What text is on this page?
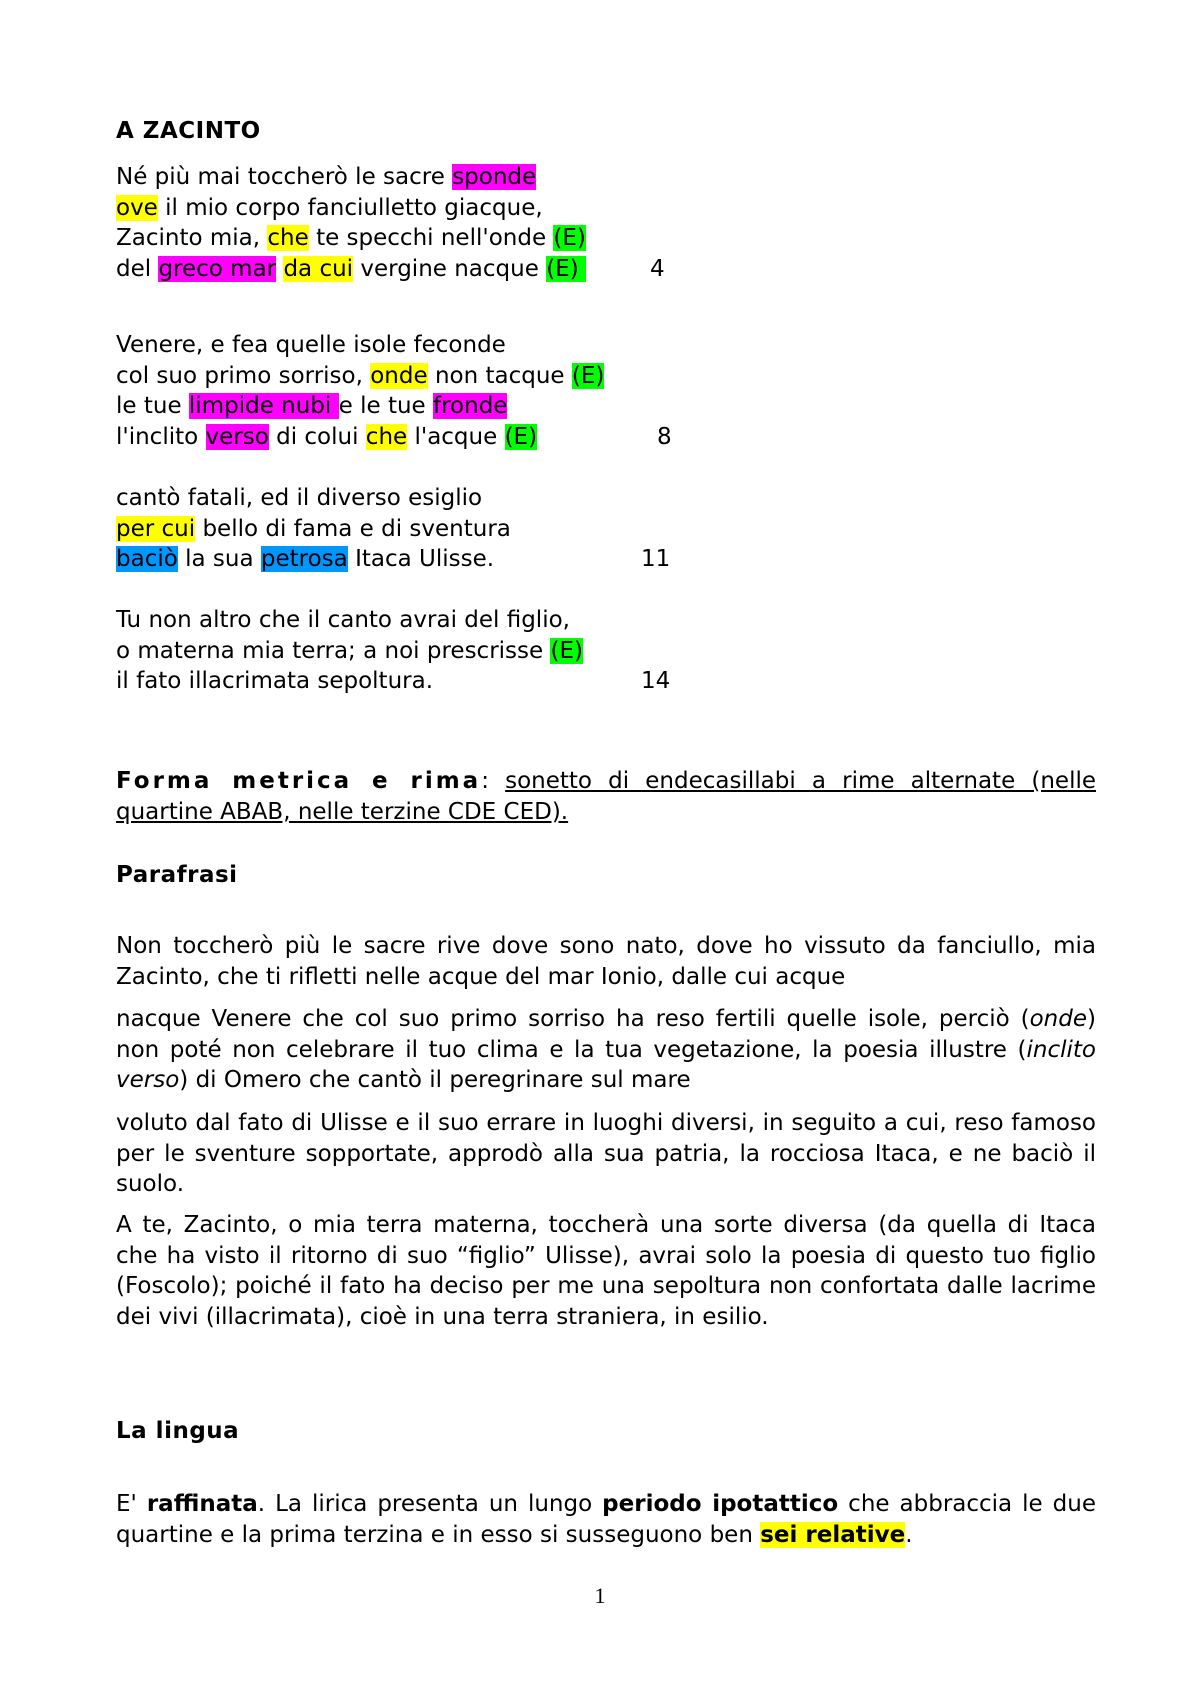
A ZACINTO
Né più mai toccherò le sacre sponde
ove il mio corpo fanciulletto giacque,
Zacinto mia, che te specchi nell'onde (E)
del greco mar da cui vergine nacque (E)	4
Venere, e fea quelle isole feconde
col suo primo sorriso, onde non tacque (E)
le tue limpide nubi e le tue fronde
l'inclito verso di colui che l'acque (E)	8
cantò fatali, ed il diverso esiglio
per cui bello di fama e di sventura
baciò la sua petrosa Itaca Ulisse.	11
Tu non altro che il canto avrai del figlio,
o materna mia terra; a noi prescrisse (E)
il fato illacrimata sepoltura.	14
Forma metrica e rima: sonetto di endecasillabi a rime alternate (nelle quartine ABAB, nelle terzine CDE CED).
Parafrasi
Non toccherò più le sacre rive dove sono nato, dove ho vissuto da fanciullo, mia Zacinto, che ti rifletti nelle acque del mar Ionio, dalle cui acque
nacque Venere che col suo primo sorriso ha reso fertili quelle isole, perciò (onde) non poté non celebrare il tuo clima e la tua vegetazione, la poesia illustre (inclito verso) di Omero che cantò il peregrinare sul mare
voluto dal fato di Ulisse e il suo errare in luoghi diversi, in seguito a cui, reso famoso per le sventure sopportate, approdò alla sua patria, la rocciosa Itaca, e ne baciò il suolo.
A te, Zacinto, o mia terra materna, toccherà una sorte diversa (da quella di Itaca che ha visto il ritorno di suo “figlio” Ulisse), avrai solo la poesia di questo tuo figlio (Foscolo); poiché il fato ha deciso per me una sepoltura non confortata dalle lacrime dei vivi (illacrimata), cioè in una terra straniera, in esilio.
La lingua
E' raffinata. La lirica presenta un lungo periodo ipotattico che abbraccia le due quartine e la prima terzina e in esso si susseguono ben sei relative.
1
